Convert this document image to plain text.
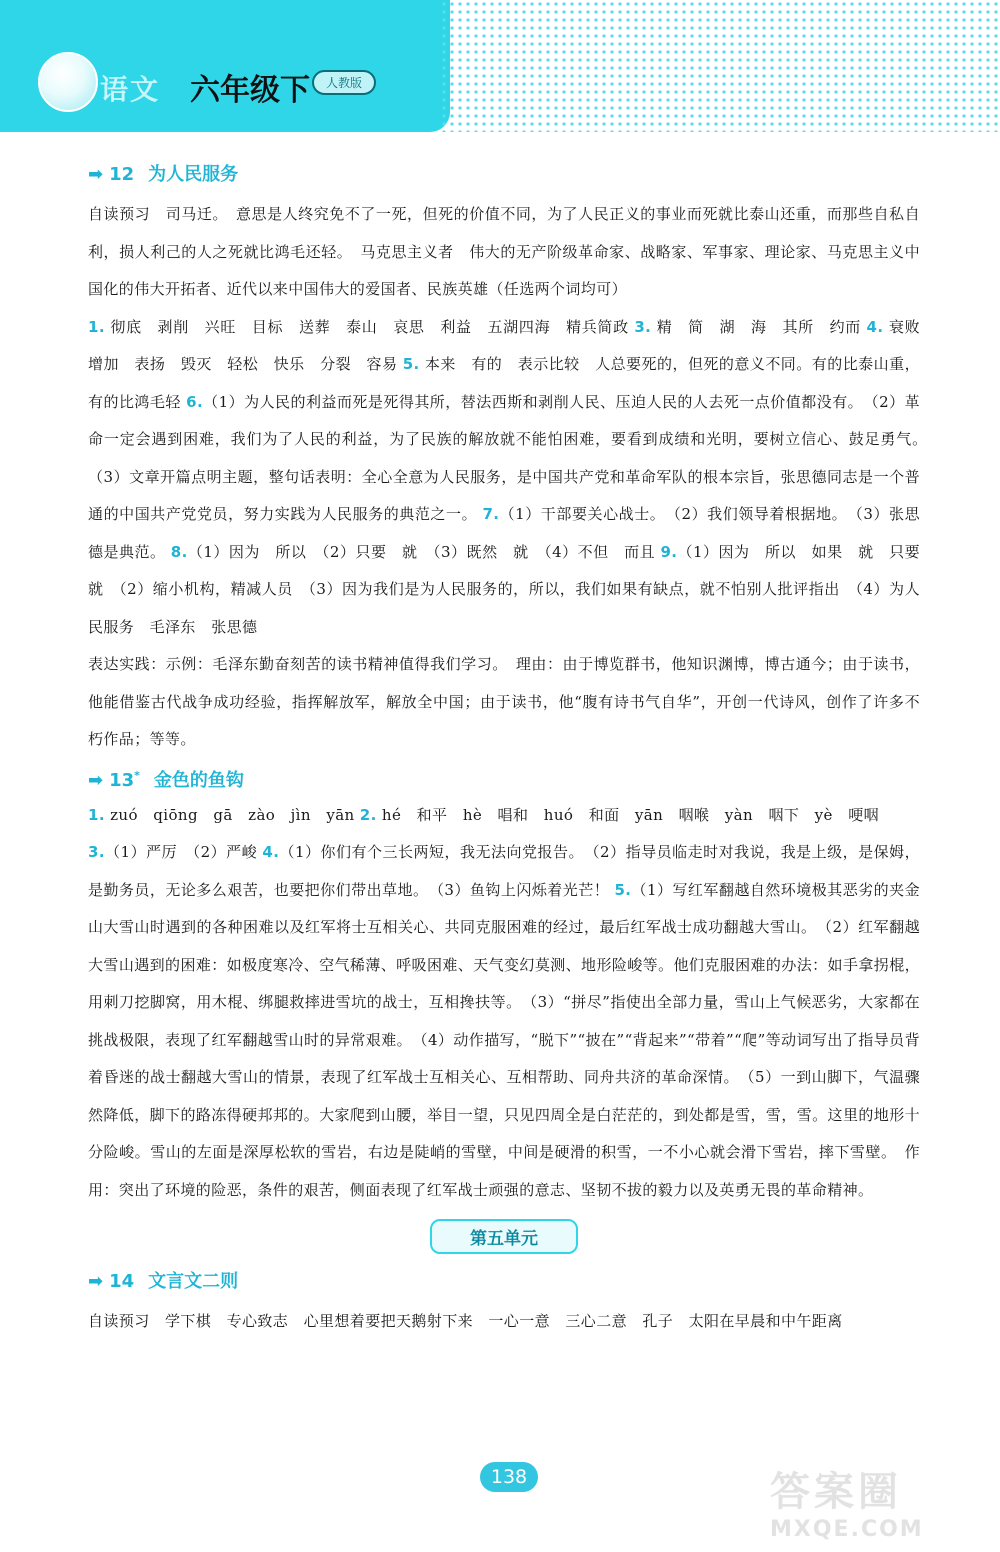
语文 六年级下	人教版
➡ 12 为人民服务

自读预习　司马迁。　意思是人终究免不了一死，但死的价值不同，为了人民正义的事业而死就比泰山还重，而那些自私自利，损人利己的人之死就比鸿毛还轻。　马克思主义者　伟大的无产阶级革命家、战略家、军事家、理论家、马克思主义中国化的伟大开拓者、近代以来中国伟大的爱国者、民族英雄（任选两个词均可）

1. 彻底　剥削　兴旺　目标　送葬　泰山　哀思　利益　五湖四海　精兵简政 3. 精　简　湖　海　其所　约而 4. 衰败　增加　表扬　毁灭　轻松　快乐　分裂　容易 5. 本来　有的　表示比较　人总要死的，但死的意义不同。有的比泰山重，有的比鸿毛轻 6.（1）为人民的利益而死是死得其所，替法西斯和剥削人民、压迫人民的人去死一点价值都没有。　（2）革命一定会遇到困难，我们为了人民的利益，为了民族的解放就不能怕困难，要看到成绩和光明，要树立信心、鼓足勇气。　（3）文章开篇点明主题，整句话表明：全心全意为人民服务，是中国共产党和革命军队的根本宗旨，张思德同志是一个普通的中国共产党党员，努力实践为人民服务的典范之一。 7.（1）干部要关心战士。　（2）我们领导着根据地。　（3）张思德是典范。 8.（1）因为　所以　（2）只要　就　（3）既然　就　（4）不但　而且 9.（1）因为　所以　如果　就　只要　就　（2）缩小机构，精减人员　（3）因为我们是为人民服务的，所以，我们如果有缺点，就不怕别人批评指出　（4）为人民服务　毛泽东　张思德

表达实践：示例：毛泽东勤奋刻苦的读书精神值得我们学习。　理由：由于博览群书，他知识渊博，博古通今；由于读书，他能借鉴古代战争成功经验，指挥解放军，解放全中国；由于读书，他“腹有诗书气自华”，开创一代诗风，创作了许多不朽作品；等等。

➡ 13* 金色的鱼钩

1. zuó　qiōng　gā　zào　jìn　yān 2. hé　和平　hè　唱和　huó　和面　yān　咽喉　yàn　咽下　yè　哽咽

3.（1）严厉　（2）严峻 4.（1）你们有个三长两短，我无法向党报告。　（2）指导员临走时对我说，我是上级，是保姆，是勤务员，无论多么艰苦，也要把你们带出草地。　（3）鱼钩上闪烁着光芒！ 5.（1）写红军翻越自然环境极其恶劣的夹金山大雪山时遇到的各种困难以及红军将士互相关心、共同克服困难的经过，最后红军战士成功翻越大雪山。　（2）红军翻越大雪山遇到的困难：如极度寒冷、空气稀薄、呼吸困难、天气变幻莫测、地形险峻等。他们克服困难的办法：如手拿拐棍，用刺刀挖脚窝，用木棍、绑腿救摔进雪坑的战士，互相搀扶等。　（3）“拼尽”指使出全部力量，雪山上气候恶劣，大家都在挑战极限，表现了红军翻越雪山时的异常艰难。　（4）动作描写，“脱下”“披在”“背起来”“带着”“爬”等动词写出了指导员背着昏迷的战士翻越大雪山的情景，表现了红军战士互相关心、互相帮助、同舟共济的革命深情。　（5）一到山脚下，气温骤然降低，脚下的路冻得硬邦邦的。大家爬到山腰，举目一望，只见四周全是白茫茫的，到处都是雪，雪，雪。这里的地形十分险峻。雪山的左面是深厚松软的雪岩，右边是陡峭的雪壁，中间是硬滑的积雪，一不小心就会滑下雪岩，摔下雪壁。　作用：突出了环境的险恶，条件的艰苦，侧面表现了红军战士顽强的意志、坚韧不拔的毅力以及英勇无畏的革命精神。

第五单元
➡ 14 文言文二则

自读预习　学下棋　专心致志　心里想着要把天鹅射下来　一心一意　三心二意　孔子　太阳在早晨和中午距离

138	答案圈
MXQE.COM
